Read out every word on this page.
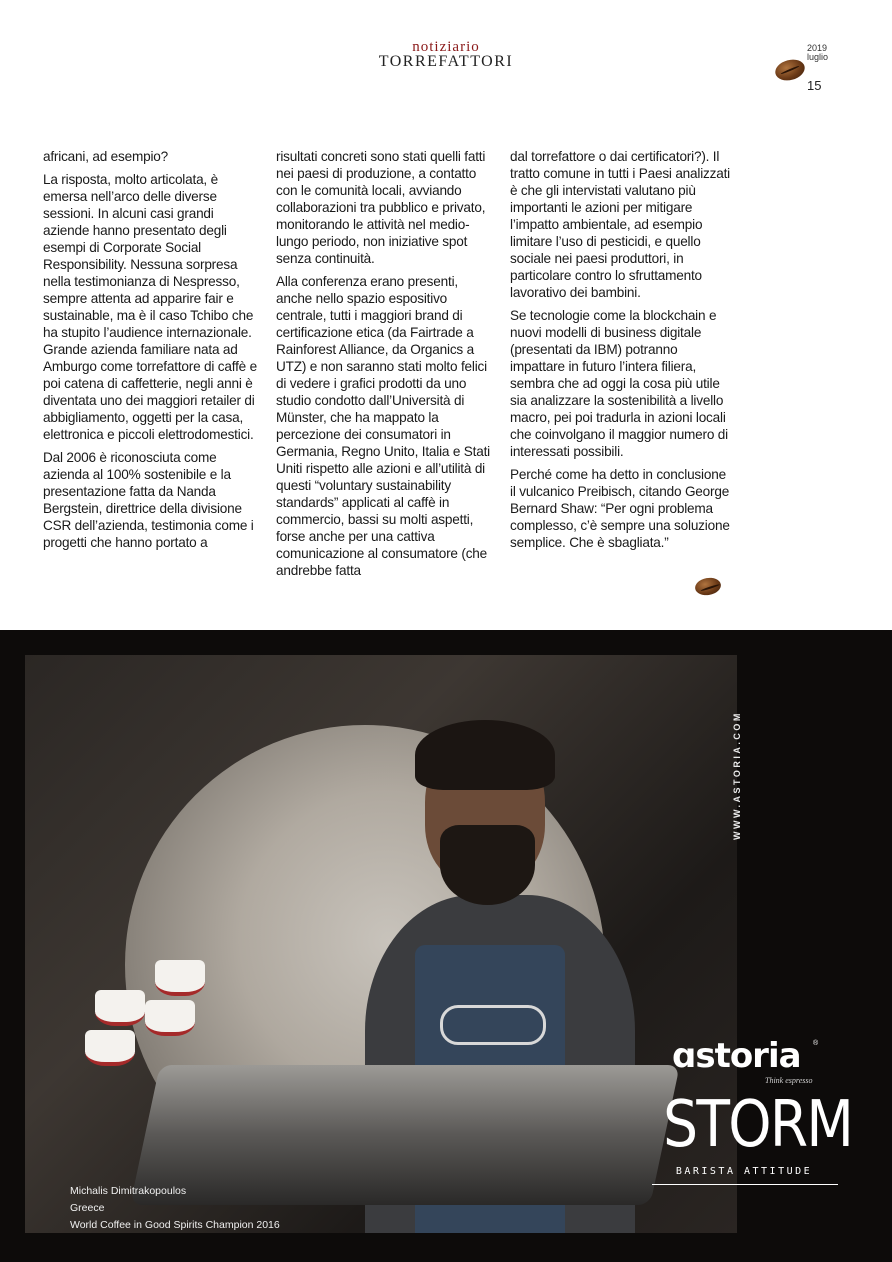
notiziario
TORREFATTORI
2019
luglio
15

africani, ad esempio?

La risposta, molto articolata, è emersa nell’arco delle diverse sessioni. In alcuni casi grandi aziende hanno presentato degli esempi di Corporate Social Responsibility. Nessuna sorpresa nella testimonianza di Nespresso, sempre attenta ad apparire fair e sustainable, ma è il caso Tchibo che ha stupito l’audience internazionale. Grande azienda familiare nata ad Amburgo come torrefattore di caffè e poi catena di caffetterie, negli anni è diventata uno dei maggiori retailer di abbigliamento, oggetti per la casa, elettronica e piccoli elettrodomestici.

Dal 2006 è riconosciuta come azienda al 100% sostenibile e la presentazione fatta da Nanda Bergstein, direttrice della divisione CSR dell’azienda, testimonia come i progetti che hanno portato a

risultati concreti sono stati quelli fatti nei paesi di produzione, a contatto con le comunità locali, avviando collaborazioni tra pubblico e privato, monitorando le attività nel medio-lungo periodo, non iniziative spot senza continuità.

Alla conferenza erano presenti, anche nello spazio espositivo centrale, tutti i maggiori brand di certificazione etica (da Fairtrade a Rainforest Alliance, da Organics a UTZ) e non saranno stati molto felici di vedere i grafici prodotti da uno studio condotto dall’Università di Münster, che ha mappato la percezione dei consumatori in Germania, Regno Unito, Italia e Stati Uniti rispetto alle azioni e all’utilità di questi “voluntary sustainability standards” applicati al caffè in commercio, bassi su molti aspetti, forse anche per una cattiva comunicazione al consumatore (che andrebbe fatta

dal torrefattore o dai certificatori?). Il tratto comune in tutti i Paesi analizzati è che gli intervistati valutano più importanti le azioni per mitigare l’impatto ambientale, ad esempio limitare l’uso di pesticidi, e quello sociale nei paesi produttori, in particolare contro lo sfruttamento lavorativo dei bambini.

Se tecnologie come la blockchain e nuovi modelli di business digitale (presentati da IBM) potranno impattare in futuro l’intera filiera, sembra che ad oggi la cosa più utile sia analizzare la sostenibilità a livello macro, pei poi tradurla in azioni locali che coinvolgano il maggior numero di interessati possibili.

Perché come ha detto in conclusione il vulcanico Preibisch, citando George Bernard Shaw: “Per ogni problema complesso, c’è sempre una soluzione semplice. Che è sbagliata.”

Michalis Dimitrakopoulos
Greece
World Coffee in Good Spirits Champion 2016
WWW.ASTORIA.COM
ɑstoria ®
Think espresso
STORM
BARISTA ATTITUDE
